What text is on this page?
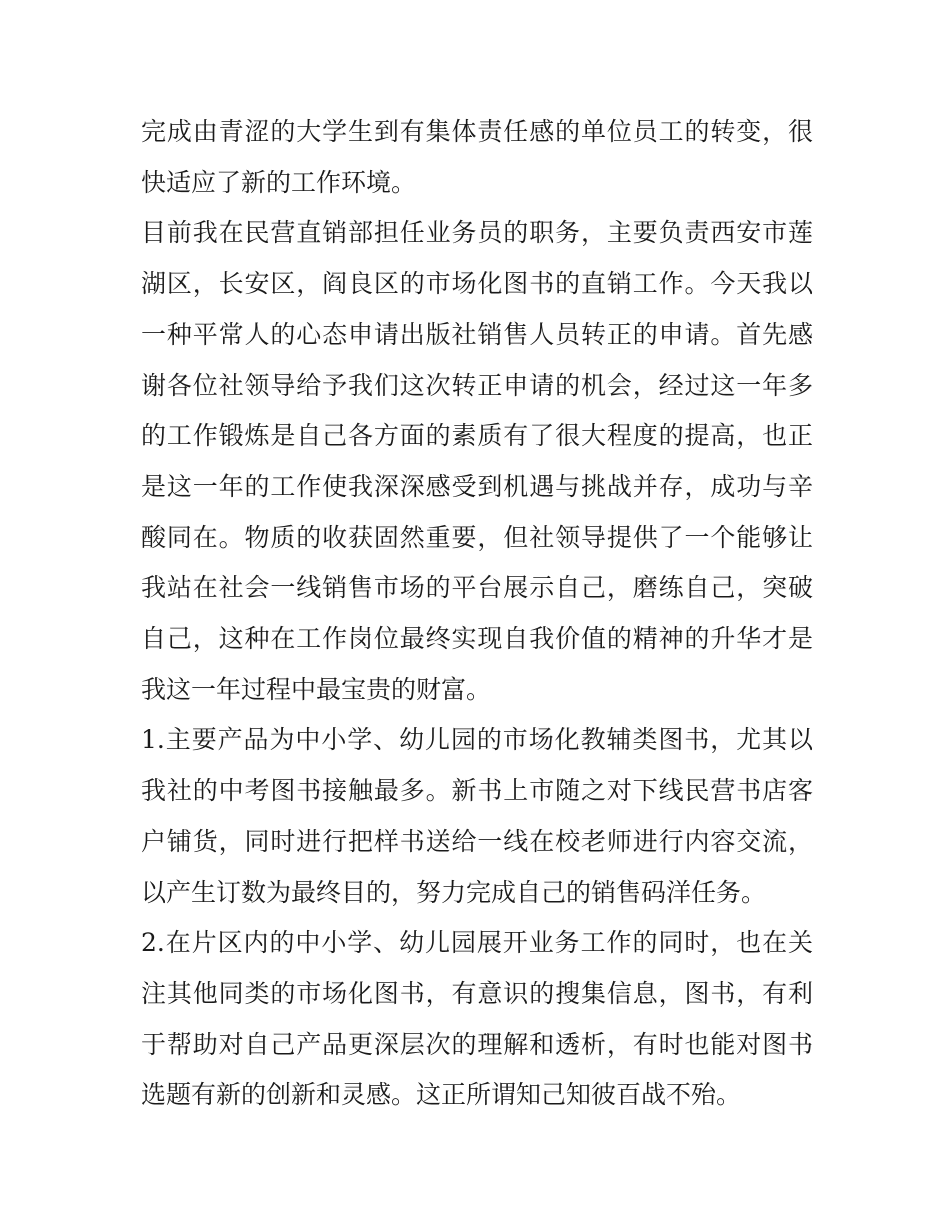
完成由青涩的大学生到有集体责任感的单位员工的转变，很快适应了新的工作环境。

目前我在民营直销部担任业务员的职务，主要负责西安市莲湖区，长安区，阎良区的市场化图书的直销工作。今天我以一种平常人的心态申请出版社销售人员转正的申请。首先感谢各位社领导给予我们这次转正申请的机会，经过这一年多的工作锻炼是自己各方面的素质有了很大程度的提高，也正是这一年的工作使我深深感受到机遇与挑战并存，成功与辛酸同在。物质的收获固然重要，但社领导提供了一个能够让我站在社会一线销售市场的平台展示自己，磨练自己，突破自己，这种在工作岗位最终实现自我价值的精神的升华才是我这一年过程中最宝贵的财富。

1.主要产品为中小学、幼儿园的市场化教辅类图书，尤其以我社的中考图书接触最多。新书上市随之对下线民营书店客户铺货，同时进行把样书送给一线在校老师进行内容交流，以产生订数为最终目的，努力完成自己的销售码洋任务。

2.在片区内的中小学、幼儿园展开业务工作的同时，也在关注其他同类的市场化图书，有意识的搜集信息，图书，有利于帮助对自己产品更深层次的理解和透析，有时也能对图书选题有新的创新和灵感。这正所谓知己知彼百战不殆。
